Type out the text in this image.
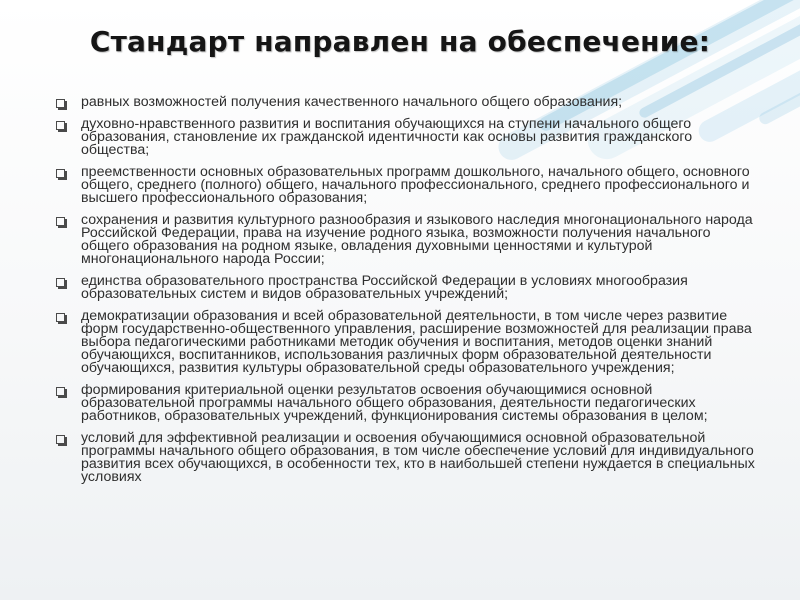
Стандарт направлен на обеспечение:
равных возможностей получения качественного начального общего образования;
духовно-нравственного развития и воспитания обучающихся на ступени начального общего образования, становление их гражданской идентичности как основы развития гражданского общества;
преемственности основных образовательных программ дошкольного, начального общего, основного общего, среднего (полного) общего, начального профессионального, среднего профессионального и высшего профессионального образования;
сохранения и развития культурного разнообразия и языкового наследия многонационального народа Российской Федерации, права на изучение родного языка, возможности получения начального общего образования на родном языке, овладения духовными ценностями и культурой многонационального народа России;
единства образовательного пространства Российской Федерации в условиях многообразия образовательных систем и видов образовательных учреждений;
демократизации образования и всей образовательной деятельности, в том числе через развитие форм государственно-общественного управления, расширение возможностей для реализации права выбора педагогическими работниками методик обучения и воспитания, методов оценки знаний обучающихся, воспитанников, использования различных форм образовательной деятельности обучающихся, развития культуры образовательной среды образовательного учреждения;
формирования критериальной оценки результатов освоения обучающимися основной образовательной программы начального общего образования, деятельности педагогических работников, образовательных учреждений, функционирования системы образования в целом;
условий для эффективной реализации и освоения обучающимися основной образовательной программы начального общего образования, в том числе обеспечение условий для индивидуального развития всех обучающихся, в особенности тех, кто в наибольшей степени нуждается в специальных условиях
